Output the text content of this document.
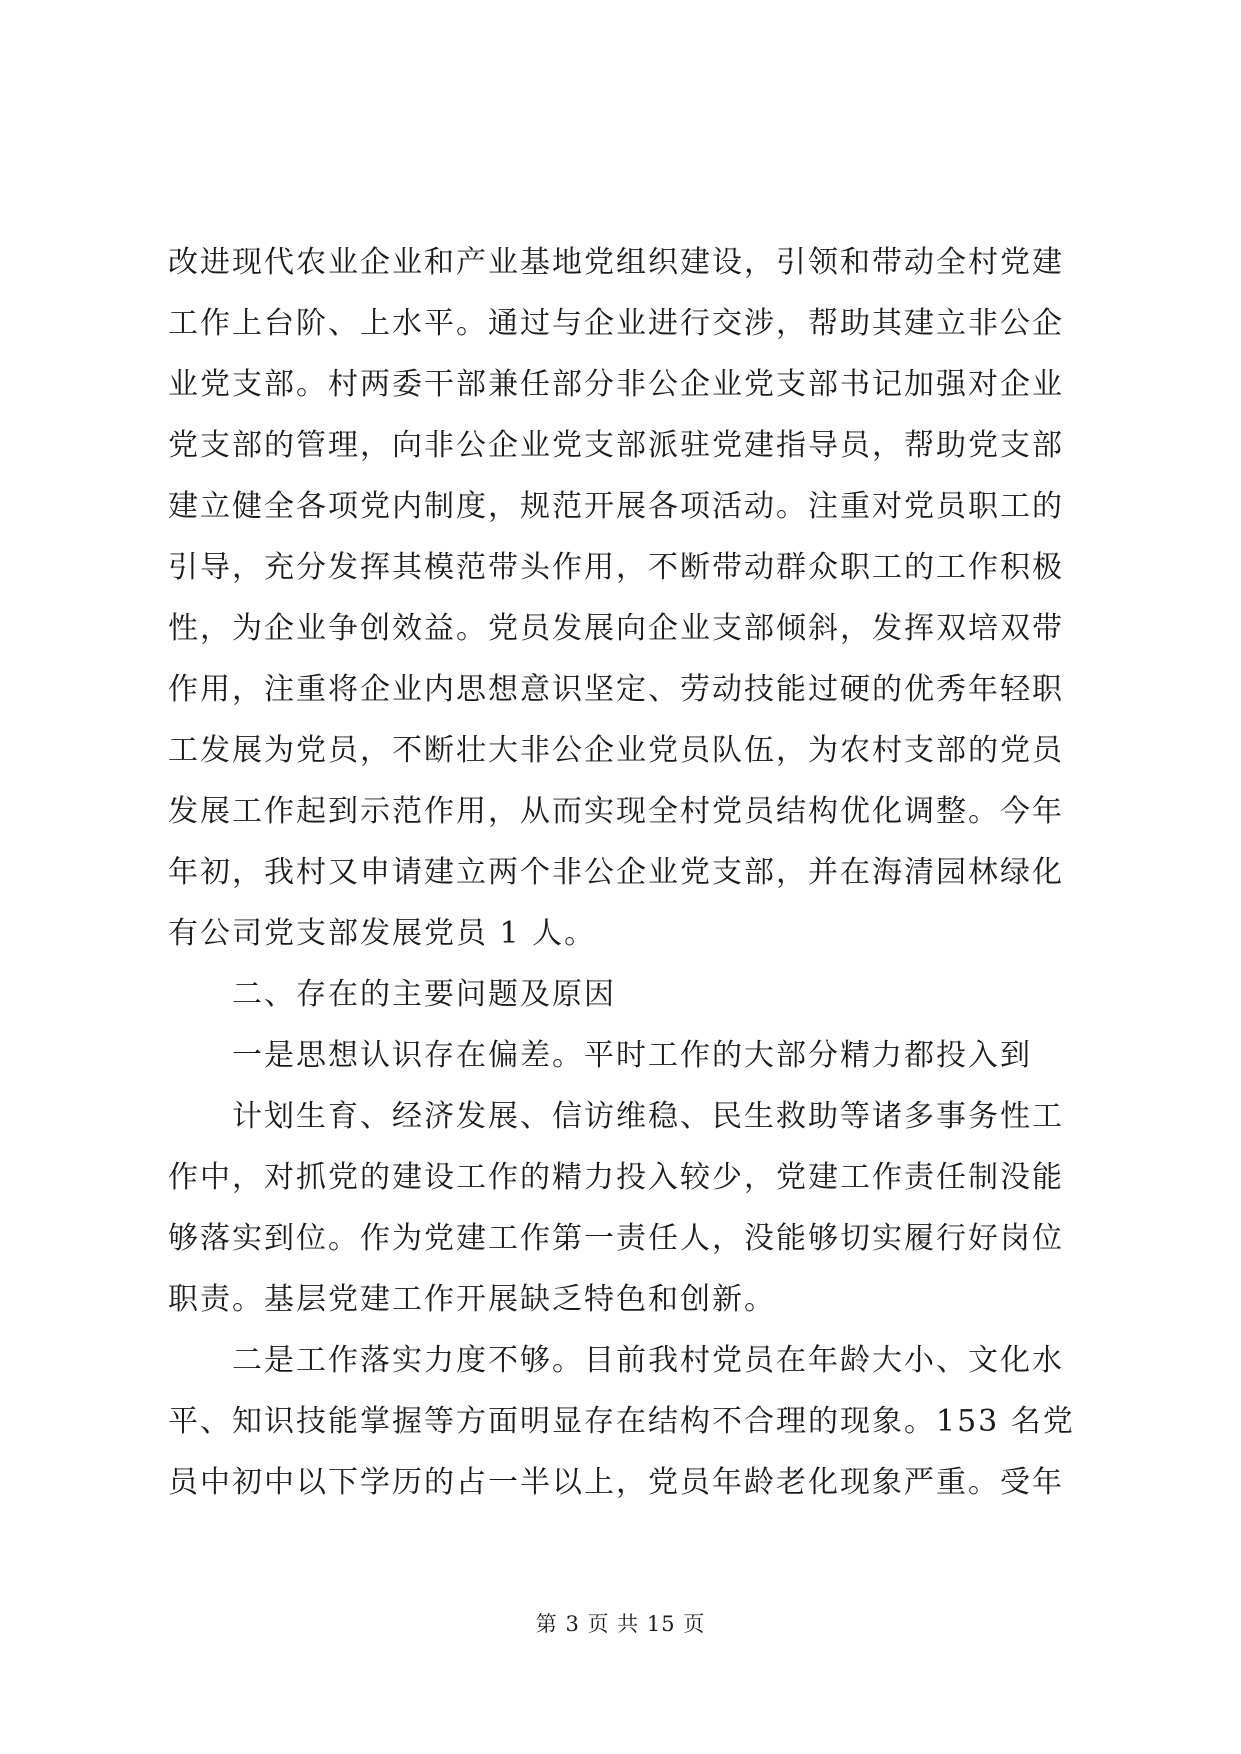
改进现代农业企业和产业基地党组织建设，引领和带动全村党建
工作上台阶、上水平。通过与企业进行交涉，帮助其建立非公企
业党支部。村两委干部兼任部分非公企业党支部书记加强对企业
党支部的管理，向非公企业党支部派驻党建指导员，帮助党支部
建立健全各项党内制度，规范开展各项活动。注重对党员职工的
引导，充分发挥其模范带头作用，不断带动群众职工的工作积极
性，为企业争创效益。党员发展向企业支部倾斜，发挥双培双带
作用，注重将企业内思想意识坚定、劳动技能过硬的优秀年轻职
工发展为党员，不断壮大非公企业党员队伍，为农村支部的党员
发展工作起到示范作用，从而实现全村党员结构优化调整。今年
年初，我村又申请建立两个非公企业党支部，并在海清园林绿化
有公司党支部发展党员 1 人。
二、存在的主要问题及原因
一是思想认识存在偏差。平时工作的大部分精力都投入到
计划生育、经济发展、信访维稳、民生救助等诸多事务性工
作中，对抓党的建设工作的精力投入较少，党建工作责任制没能
够落实到位。作为党建工作第一责任人，没能够切实履行好岗位
职责。基层党建工作开展缺乏特色和创新。
二是工作落实力度不够。目前我村党员在年龄大小、文化水
平、知识技能掌握等方面明显存在结构不合理的现象。153 名党
员中初中以下学历的占一半以上，党员年龄老化现象严重。受年
第 3 页 共 15 页
